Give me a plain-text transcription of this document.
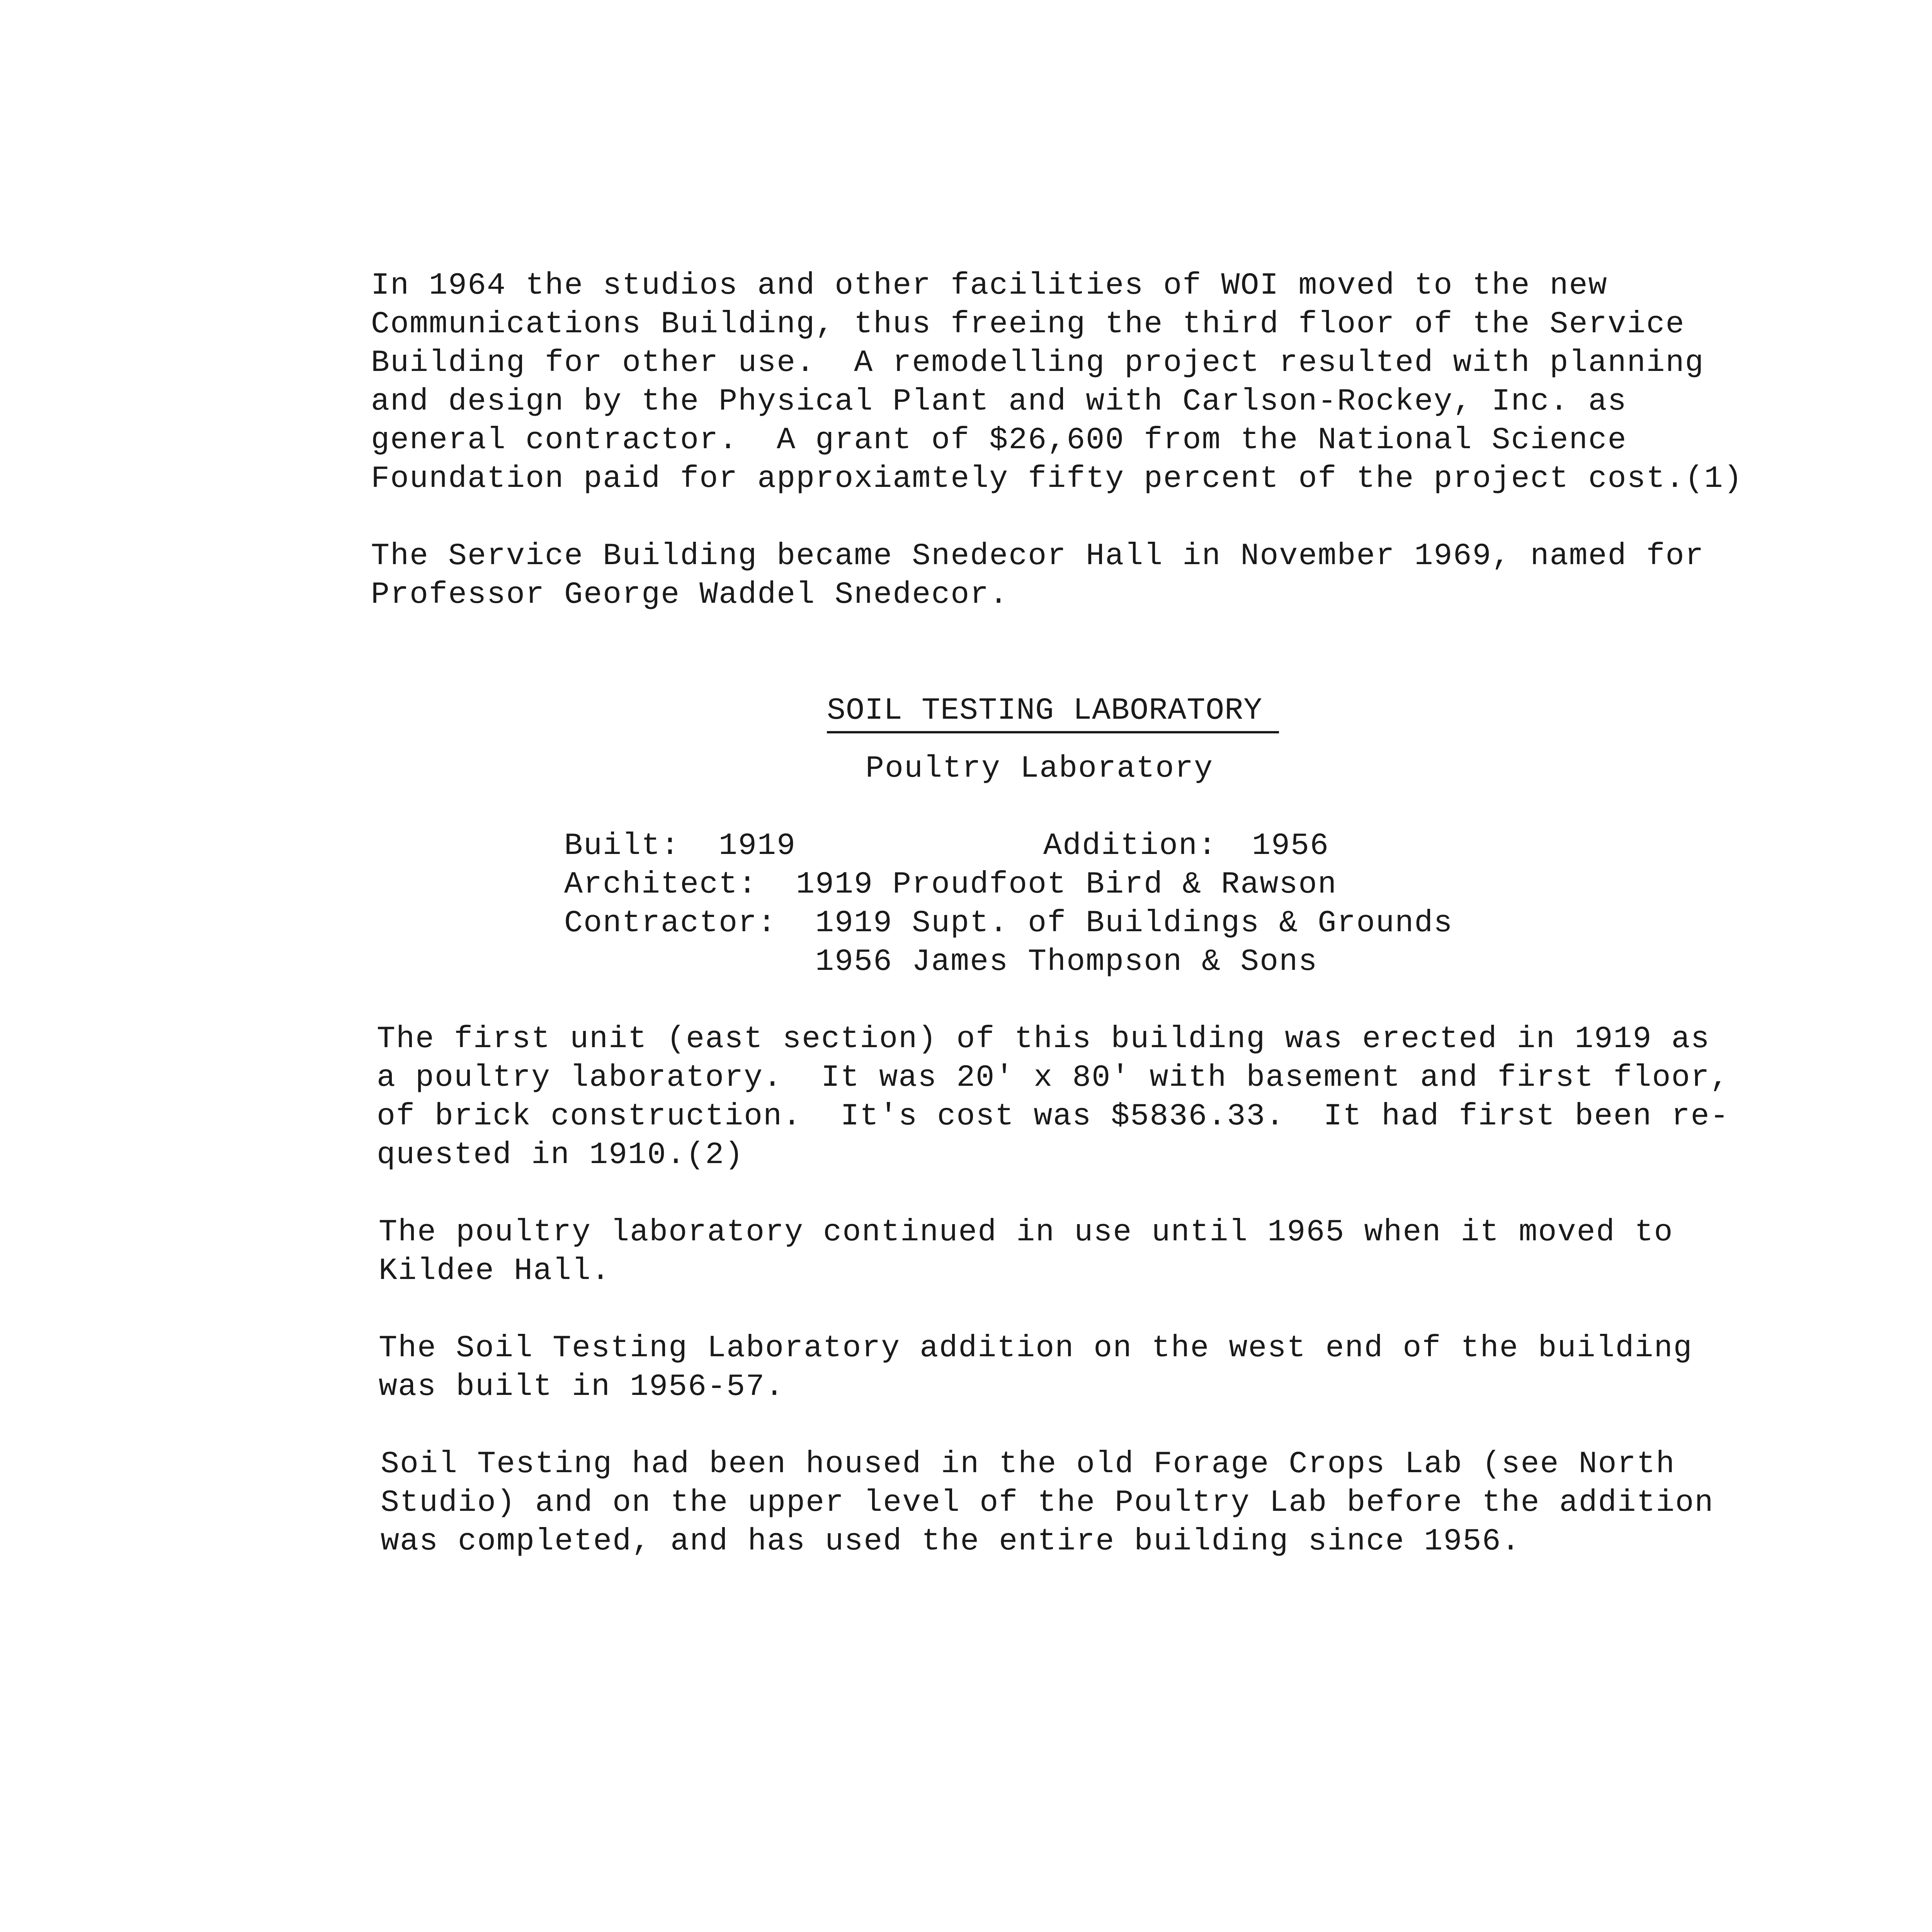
In 1964 the studios and other facilities of WOI moved to the new
Communications Building, thus freeing the third floor of the Service
Building for other use.  A remodelling project resulted with planning
and design by the Physical Plant and with Carlson-Rockey, Inc. as
general contractor.  A grant of $26,600 from the National Science
Foundation paid for approxiamtely fifty percent of the project cost.(1)
The Service Building became Snedecor Hall in November 1969, named for
Professor George Waddel Snedecor.
SOIL TESTING LABORATORY
Poultry Laboratory
Built: 1919	Addition: 1956
Architect: 1919 Proudfoot Bird & Rawson
Contractor: 1919 Supt. of Buildings & Grounds
1956 James Thompson & Sons
The first unit (east section) of this building was erected in 1919 as
a poultry laboratory.  It was 20' x 80' with basement and first floor,
of brick construction.  It's cost was $5836.33.  It had first been re-
quested in 1910.(2)
The poultry laboratory continued in use until 1965 when it moved to
Kildee Hall.
The Soil Testing Laboratory addition on the west end of the building
was built in 1956-57.
Soil Testing had been housed in the old Forage Crops Lab (see North
Studio) and on the upper level of the Poultry Lab before the addition
was completed, and has used the entire building since 1956.
